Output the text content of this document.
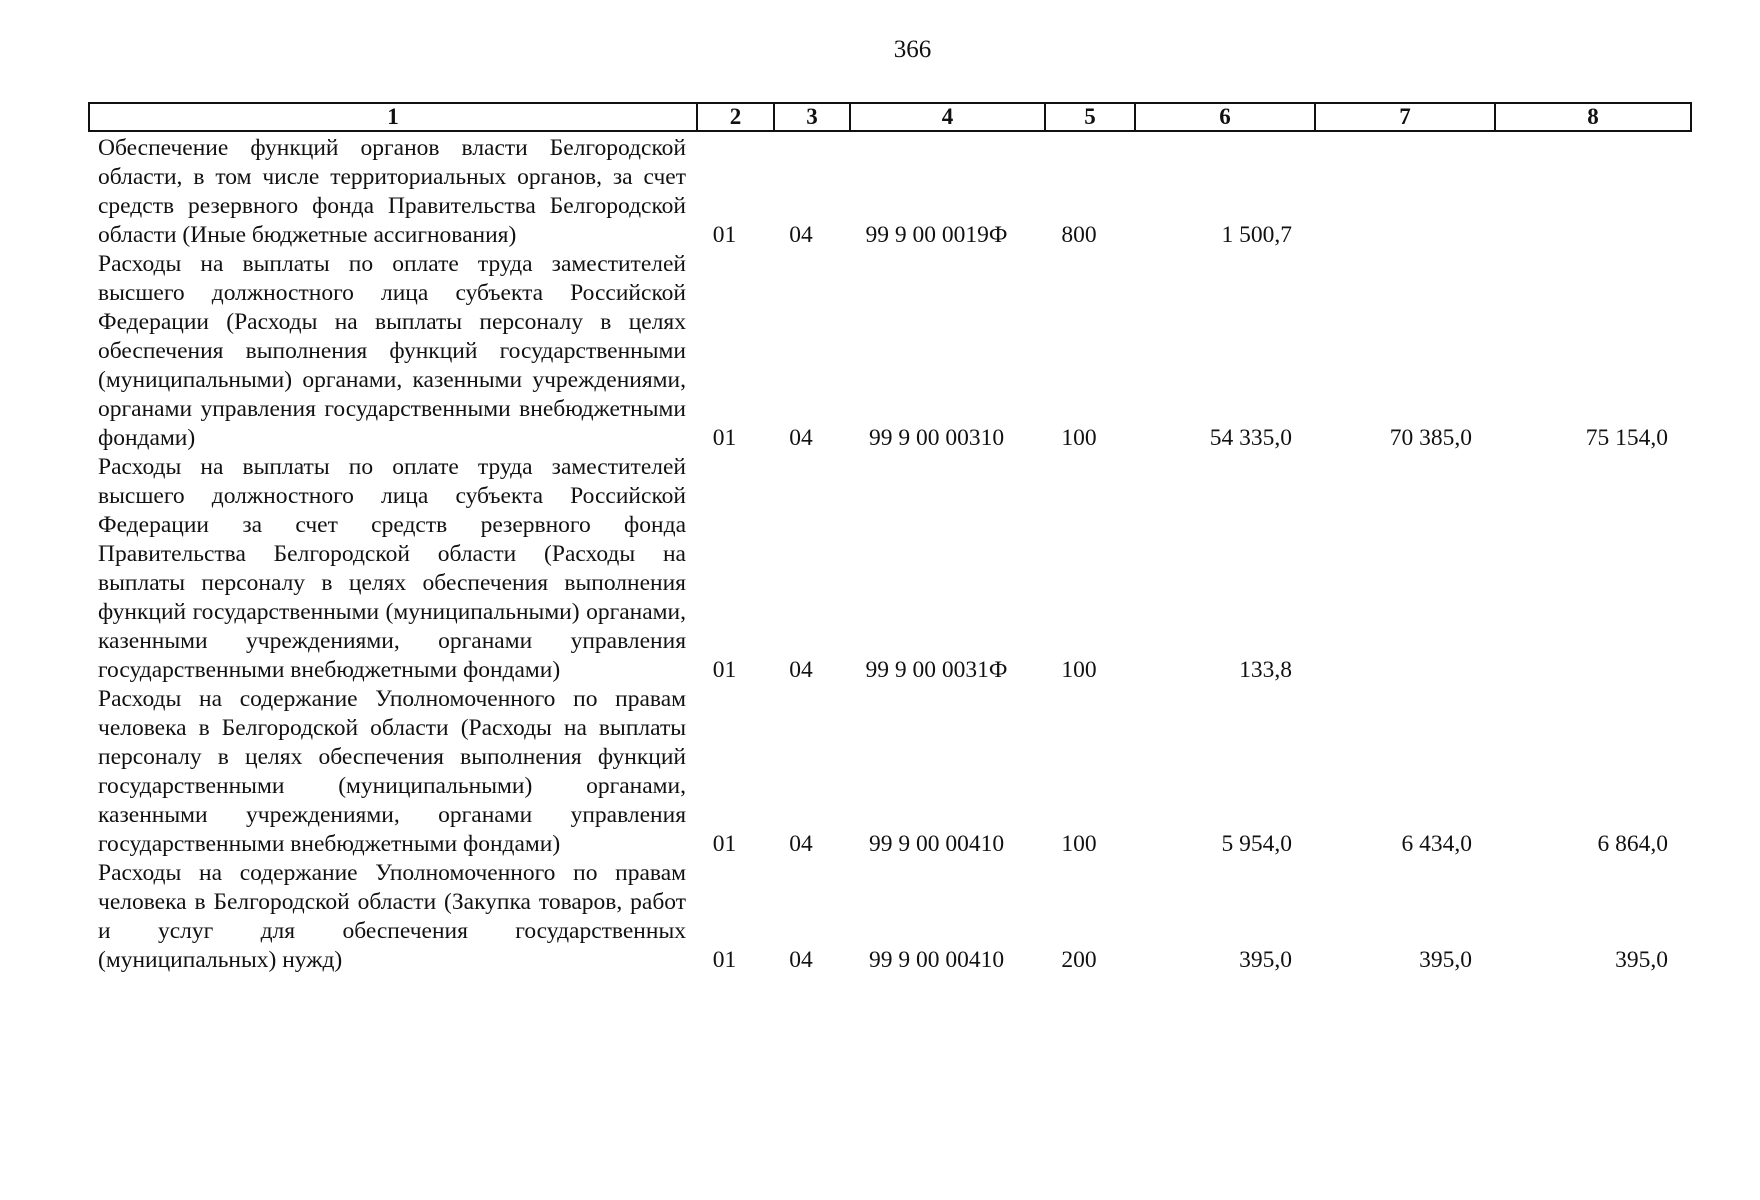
366
1	2	3	4	5	6	7	8
Обеспечение функций органов власти Белгородской области, в том числе территориальных органов, за счет средств резервного фонда Правительства Белгородской области (Иные бюджетные ассигнования)	01	04	99 9 00 0019Ф	800	1 500,7
Расходы на выплаты по оплате труда заместителей высшего должностного лица субъекта Российской Федерации (Расходы на выплаты персоналу в целях обеспечения выполнения функций государственными (муниципальными) органами, казенными учреждениями, органами управления государственными внебюджетными фондами)	01	04	99 9 00 00310	100	54 335,0	70 385,0	75 154,0
Расходы на выплаты по оплате труда заместителей высшего должностного лица субъекта Российской Федерации за счет средств резервного фонда Правительства Белгородской области (Расходы на выплаты персоналу в целях обеспечения выполнения функций государственными (муниципальными) органами, казенными учреждениями, органами управления государственными внебюджетными фондами)	01	04	99 9 00 0031Ф	100	133,8
Расходы на содержание Уполномоченного по правам человека в Белгородской области (Расходы на выплаты персоналу в целях обеспечения выполнения функций государственными (муниципальными) органами, казенными учреждениями, органами управления государственными внебюджетными фондами)	01	04	99 9 00 00410	100	5 954,0	6 434,0	6 864,0
Расходы на содержание Уполномоченного по правам человека в Белгородской области (Закупка товаров, работ и услуг для обеспечения государственных (муниципальных) нужд)	01	04	99 9 00 00410	200	395,0	395,0	395,0
